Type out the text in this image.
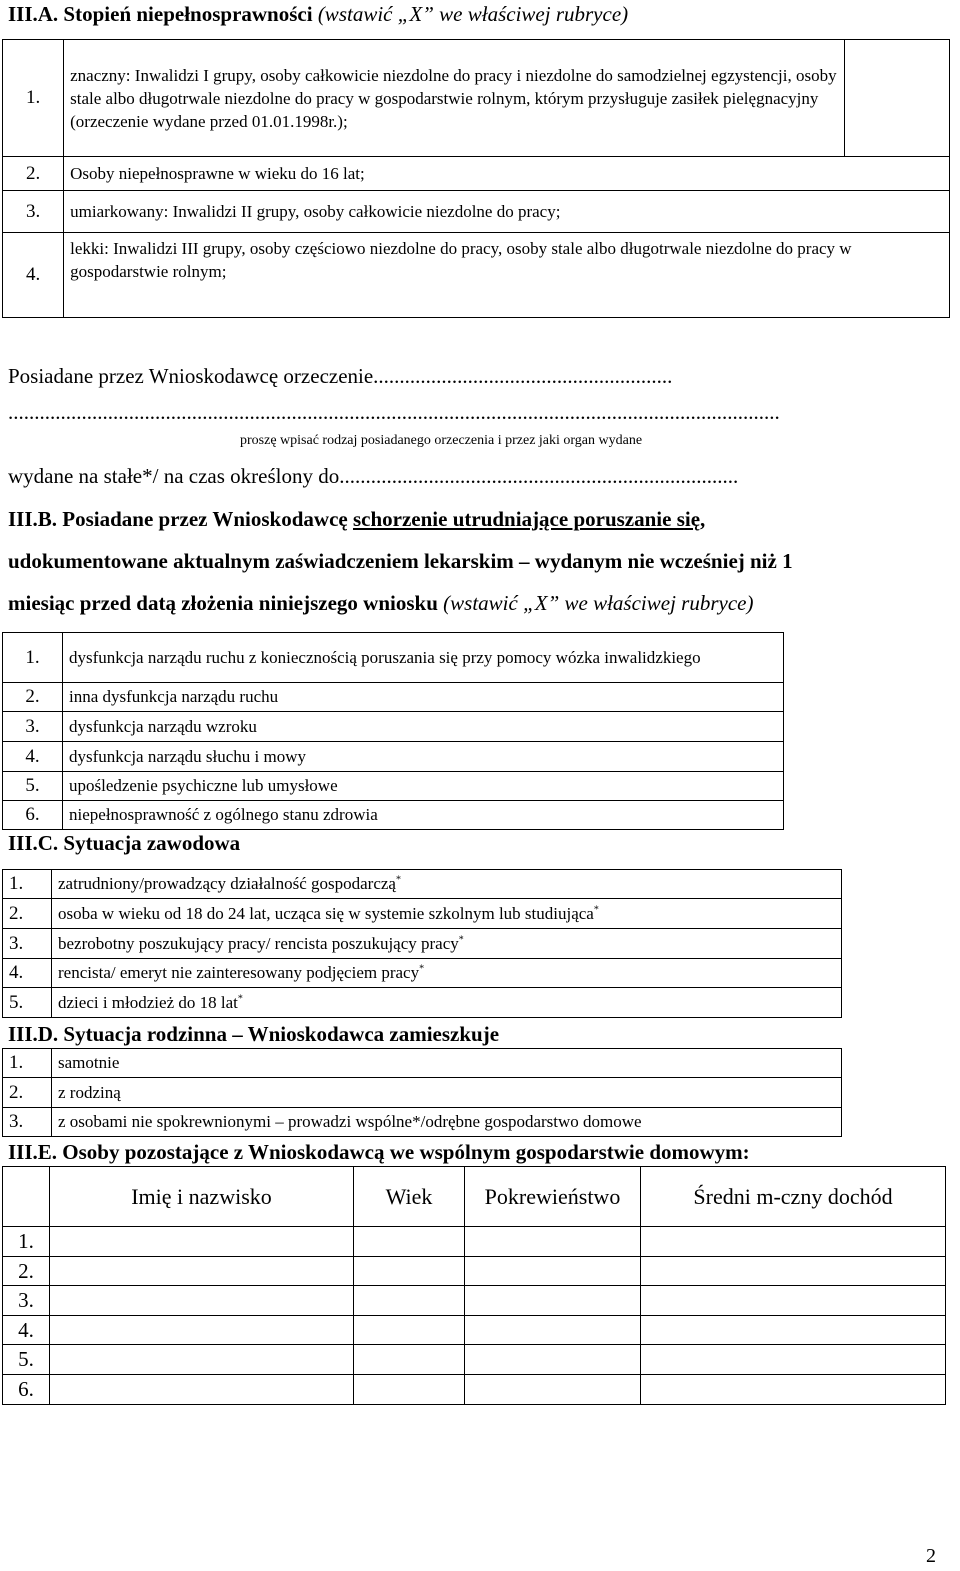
III.A. Stopień niepełnosprawności (wstawić „X” we właściwej rubryce)
1.	znaczny: Inwalidzi I grupy, osoby całkowicie niezdolne do pracy i niezdolne do samodzielnej egzystencji, osoby stale albo długotrwale niezdolne do pracy w gospodarstwie rolnym, którym przysługuje zasiłek pielęgnacyjny (orzeczenie wydane przed 01.01.1998r.);	
2.	Osoby niepełnosprawne w wieku do 16 lat;	
3.	umiarkowany: Inwalidzi II grupy, osoby całkowicie niezdolne do pracy;	
4.	lekki: Inwalidzi III grupy, osoby częściowo niezdolne do pracy, osoby stale albo długotrwale niezdolne do pracy w gospodarstwie rolnym;	
Posiadane przez Wnioskodawcę orzeczenie.........................................................
...................................................................................................................................................
proszę wpisać rodzaj posiadanego orzeczenia i przez jaki organ wydane
wydane na stałe*/ na czas określony do............................................................................
III.B. Posiadane przez Wnioskodawcę schorzenie utrudniające poruszanie się,
udokumentowane aktualnym zaświadczeniem lekarskim – wydanym nie wcześniej niż 1
miesiąc przed datą złożenia niniejszego wniosku (wstawić „X” we właściwej rubryce)
1.	dysfunkcja narządu ruchu z koniecznością poruszania się przy pomocy wózka inwalidzkiego
2.	inna dysfunkcja narządu ruchu
3.	dysfunkcja narządu wzroku
4.	dysfunkcja narządu słuchu i mowy
5.	upośledzenie psychiczne lub umysłowe
6.	niepełnosprawność z ogólnego stanu zdrowia
III.C. Sytuacja zawodowa
1.	zatrudniony/prowadzący działalność gospodarczą*
2.	osoba w wieku od 18 do 24 lat, ucząca się w systemie szkolnym lub studiująca*
3.	bezrobotny poszukujący pracy/ rencista poszukujący pracy*
4.	rencista/ emeryt nie zainteresowany podjęciem pracy*
5.	dzieci i młodzież do 18 lat*
III.D. Sytuacja rodzinna – Wnioskodawca zamieszkuje
1.	samotnie
2.	z rodziną
3.	z osobami nie spokrewnionymi – prowadzi wspólne*/odrębne gospodarstwo domowe
III.E. Osoby pozostające z Wnioskodawcą we wspólnym gospodarstwie domowym:
	Imię i nazwisko	Wiek	Pokrewieństwo	Średni m-czny dochód
1.				
2.				
3.				
4.				
5.				
6.				
2
